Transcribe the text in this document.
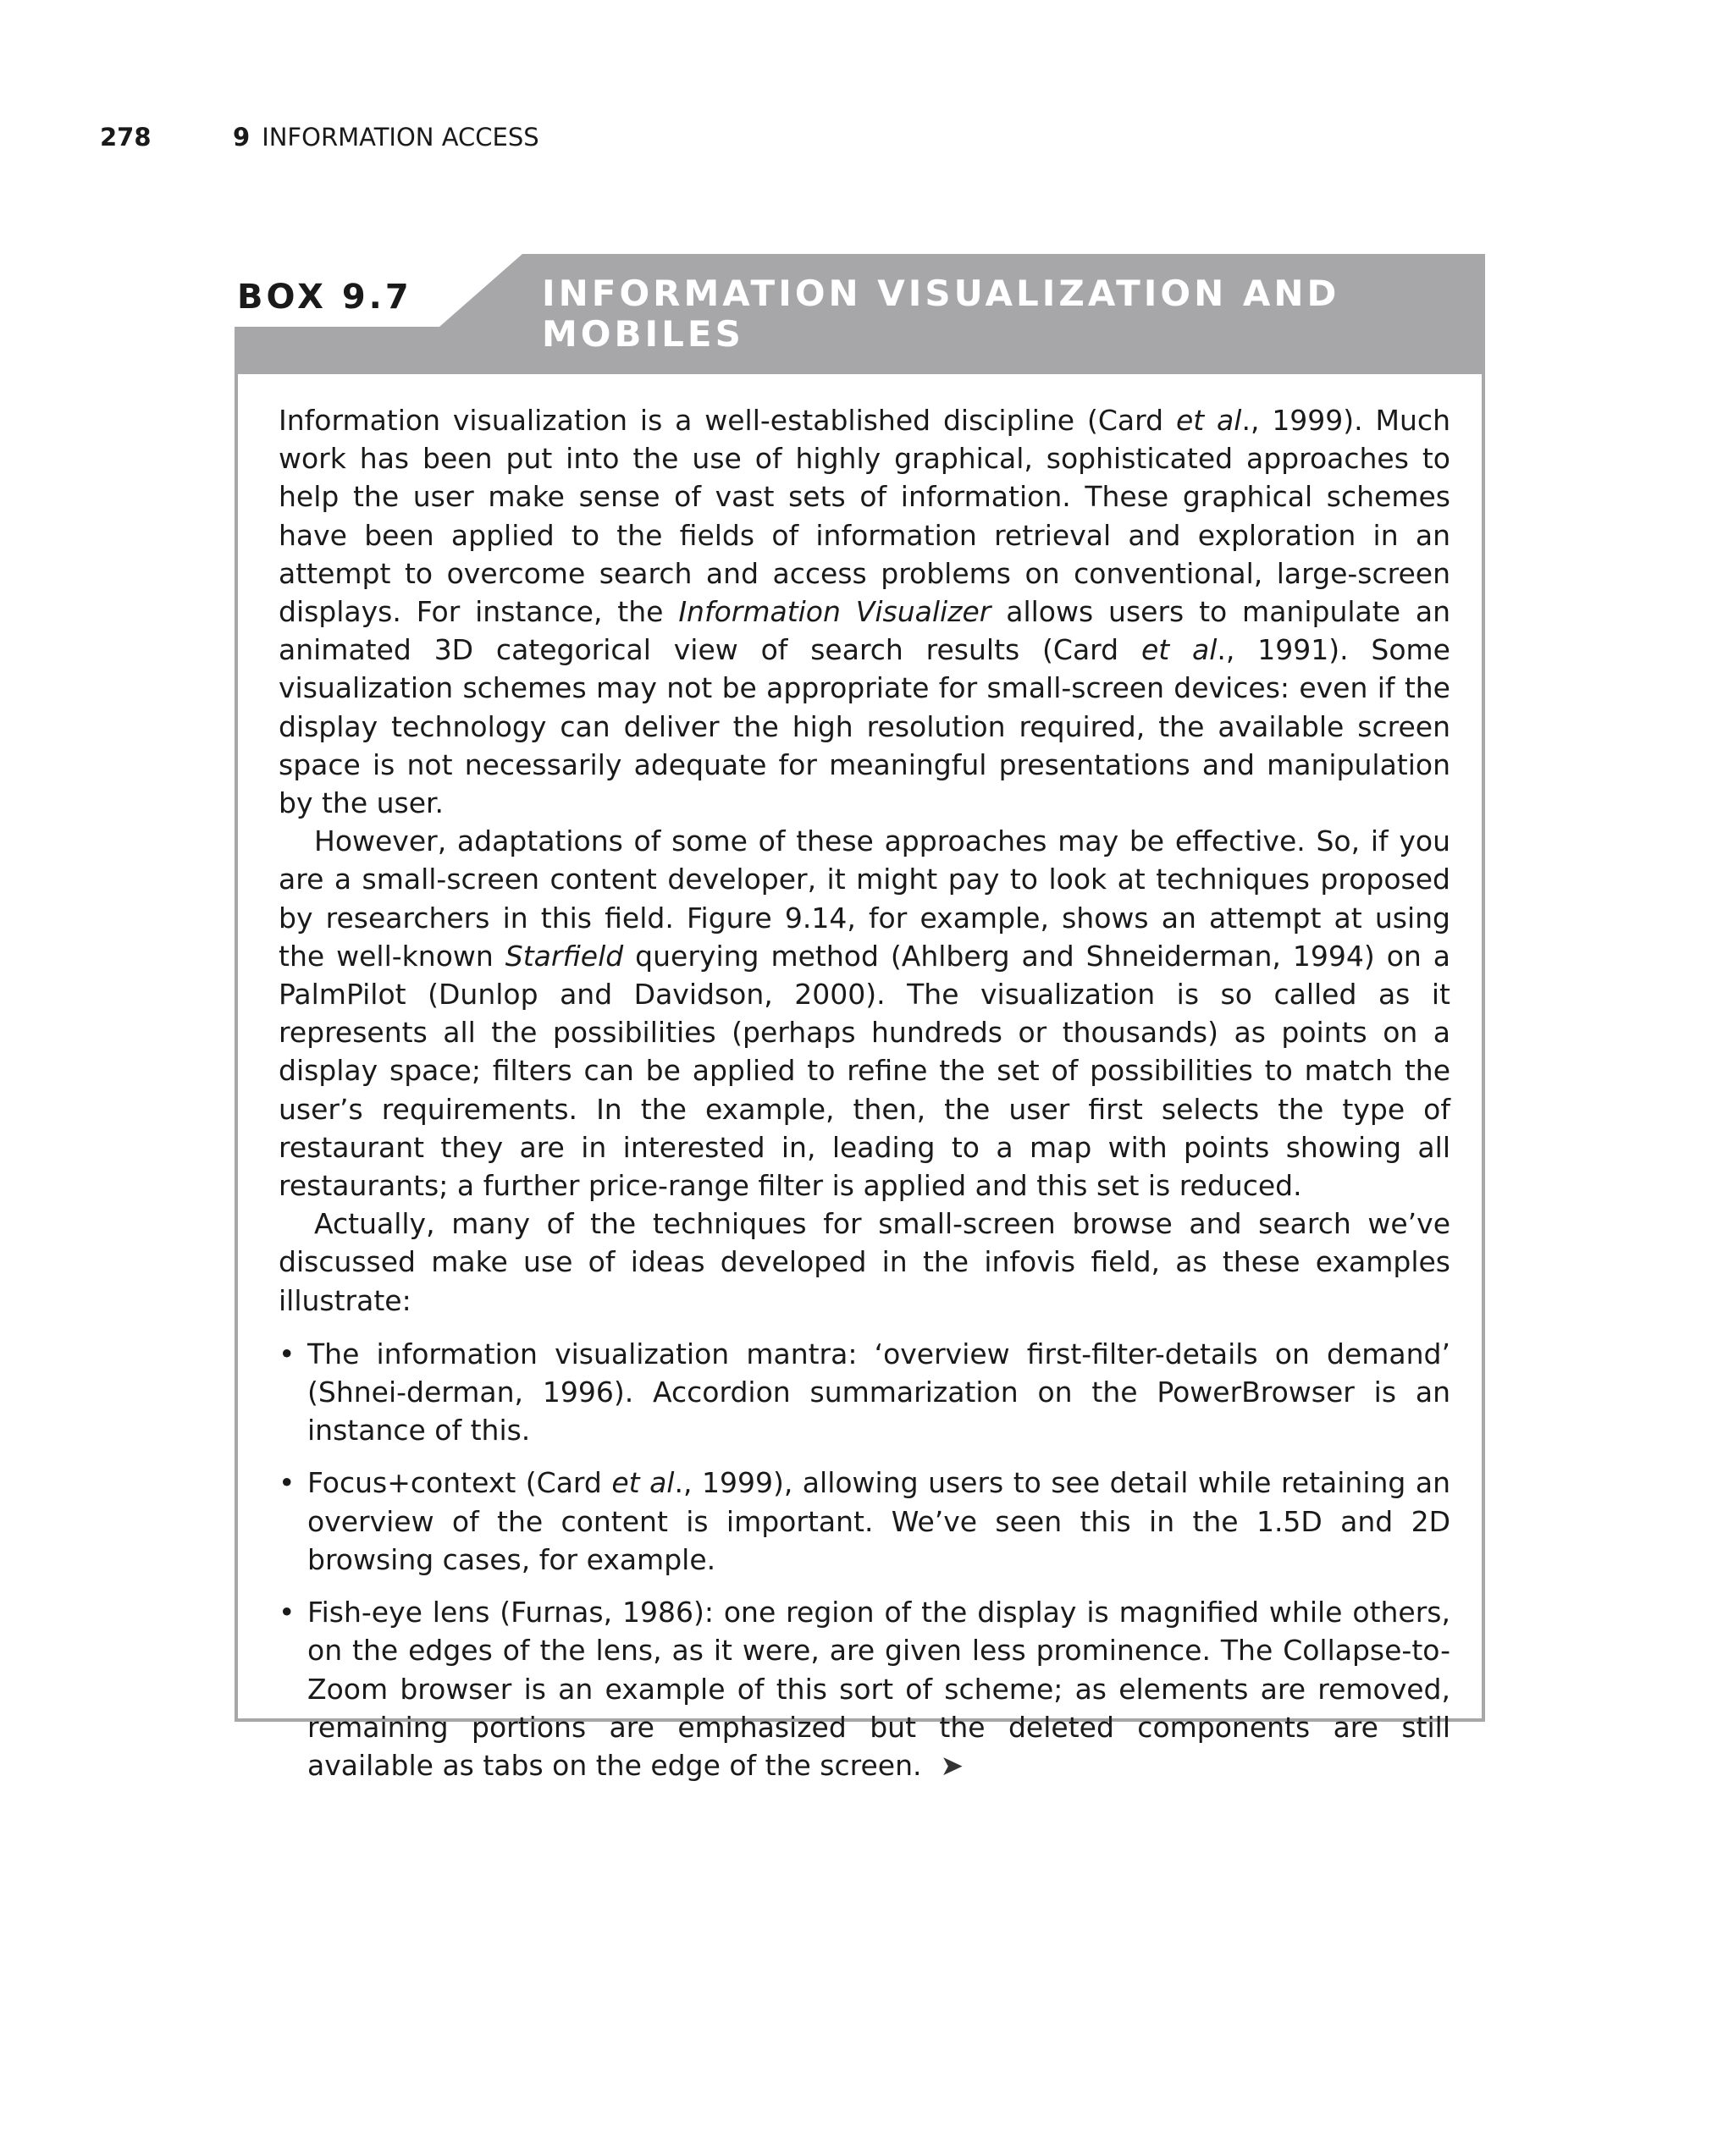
278	9 INFORMATION ACCESS
BOX 9.7	INFORMATION VISUALIZATION AND MOBILES

Information visualization is a well-established discipline (Card et al., 1999). Much work has been put into the use of highly graphical, sophisticated approaches to help the user make sense of vast sets of information. These graphical schemes have been applied to the fields of information retrieval and exploration in an attempt to overcome search and access problems on conventional, large-screen displays. For instance, the Information Visualizer allows users to manipulate an animated 3D categorical view of search results (Card et al., 1991). Some visualization schemes may not be appropriate for small-screen devices: even if the display technology can deliver the high resolution required, the available screen space is not necessarily adequate for meaningful presentations and manipulation by the user.

However, adaptations of some of these approaches may be effective. So, if you are a small-screen content developer, it might pay to look at techniques proposed by researchers in this field. Figure 9.14, for example, shows an attempt at using the well-known Starfield querying method (Ahlberg and Shneiderman, 1994) on a PalmPilot (Dunlop and Davidson, 2000). The visualization is so called as it represents all the possibilities (perhaps hundreds or thousands) as points on a display space; filters can be applied to refine the set of possibilities to match the user’s requirements. In the example, then, the user first selects the type of restaurant they are in interested in, leading to a map with points showing all restaurants; a further price-range filter is applied and this set is reduced.

Actually, many of the techniques for small-screen browse and search we’ve discussed make use of ideas developed in the infovis field, as these examples illustrate:

• The information visualization mantra: ‘overview first-filter-details on demand’ (Shnei-derman, 1996). Accordion summarization on the PowerBrowser is an instance of this.
• Focus+context (Card et al., 1999), allowing users to see detail while retaining an overview of the content is important. We’ve seen this in the 1.5D and 2D browsing cases, for example.
• Fish-eye lens (Furnas, 1986): one region of the display is magnified while others, on the edges of the lens, as it were, are given less prominence. The Collapse-to-Zoom browser is an example of this sort of scheme; as elements are removed, remaining portions are emphasized but the deleted components are still available as tabs on the edge of the screen. ➤
